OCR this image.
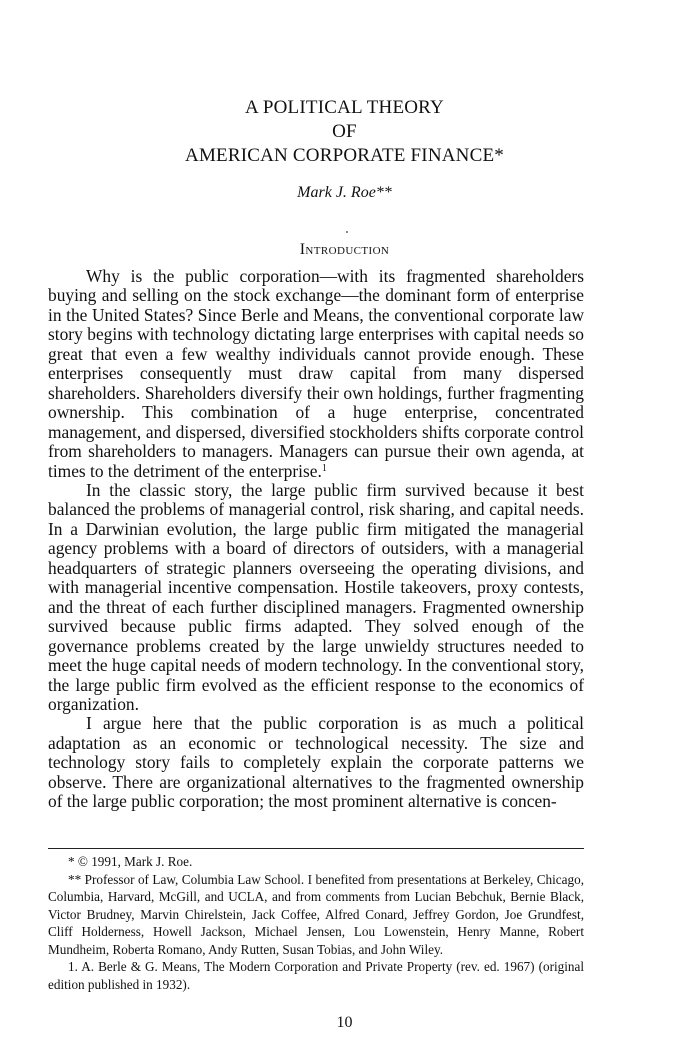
A POLITICAL THEORY
OF
AMERICAN CORPORATE FINANCE*
Mark J. Roe**
Introduction

Why is the public corporation—with its fragmented shareholders buying and selling on the stock exchange—the dominant form of enterprise in the United States? Since Berle and Means, the conventional corporate law story begins with technology dictating large enterprises with capital needs so great that even a few wealthy individuals cannot provide enough. These enterprises consequently must draw capital from many dispersed shareholders. Shareholders diversify their own holdings, further fragmenting ownership. This combination of a huge enterprise, concentrated management, and dispersed, diversified stockholders shifts corporate control from shareholders to managers. Managers can pursue their own agenda, at times to the detriment of the enterprise.$^1$

In the classic story, the large public firm survived because it best balanced the problems of managerial control, risk sharing, and capital needs. In a Darwinian evolution, the large public firm mitigated the managerial agency problems with a board of directors of outsiders, with a managerial headquarters of strategic planners overseeing the operating divisions, and with managerial incentive compensation. Hostile takeovers, proxy contests, and the threat of each further disciplined managers. Fragmented ownership survived because public firms adapted. They solved enough of the governance problems created by the large unwieldy structures needed to meet the huge capital needs of modern technology. In the conventional story, the large public firm evolved as the efficient response to the economics of organization.

I argue here that the public corporation is as much a political adaptation as an economic or technological necessity. The size and technology story fails to completely explain the corporate patterns we observe. There are organizational alternatives to the fragmented ownership of the large public corporation; the most prominent alternative is concen-

* © 1991, Mark J. Roe.

** Professor of Law, Columbia Law School. I benefited from presentations at Berkeley, Chicago, Columbia, Harvard, McGill, and UCLA, and from comments from Lucian Bebchuk, Bernie Black, Victor Brudney, Marvin Chirelstein, Jack Coffee, Alfred Conard, Jeffrey Gordon, Joe Grundfest, Cliff Holderness, Howell Jackson, Michael Jensen, Lou Lowenstein, Henry Manne, Robert Mundheim, Roberta Romano, Andy Rutten, Susan Tobias, and John Wiley.

1. A. Berle & G. Means, The Modern Corporation and Private Property (rev. ed. 1967) (original edition published in 1932).

10
